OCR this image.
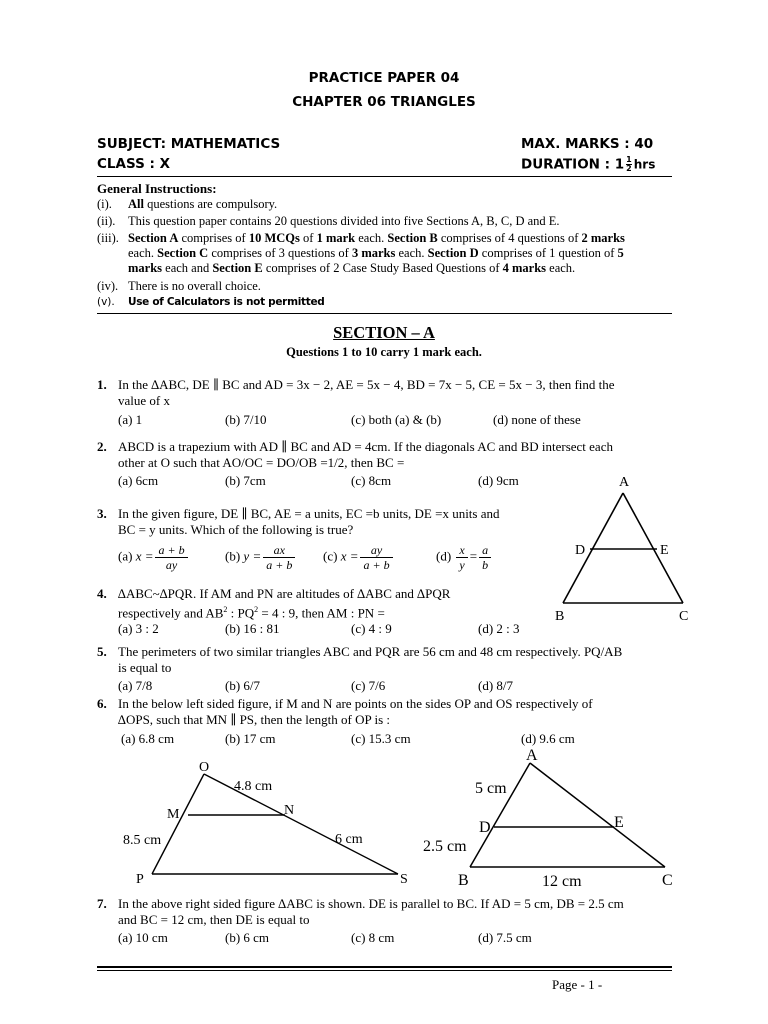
PRACTICE PAPER 04
CHAPTER 06 TRIANGLES
SUBJECT: MATHEMATICS	MAX. MARKS : 40
CLASS : X	DURATION : $1 \frac{1}{2}$ hrs
General Instructions:
(i). All questions are compulsory.
(ii). This question paper contains 20 questions divided into five Sections A, B, C, D and E.
(iii). Section A comprises of 10 MCQs of 1 mark each. Section B comprises of 4 questions of 2 marks
each. Section C comprises of 3 questions of 3 marks each. Section D comprises of 1 question of 5
marks each and Section E comprises of 2 Case Study Based Questions of 4 marks each.
(iv). There is no overall choice.
(v). Use of Calculators is not permitted
SECTION – A
Questions 1 to 10 carry 1 mark each.
1. In the ∆ABC, DE ∥ BC and AD = 3x − 2, AE = 5x − 4, BD = 7x − 5, CE = 5x − 3, then find the
value of x
(a) 1	(b) 7/10	(c) both (a) & (b)	(d) none of these
2. ABCD is a trapezium with AD ∥ BC and AD = 4cm. If the diagonals AC and BD intersect each
other at O such that AO/OC = DO/OB =1/2, then BC =
(a) 6cm	(b) 7cm	(c) 8cm	(d) 9cm
3. In the given figure, DE ∥ BC, AE = a units, EC =b units, DE =x units and
BC = y units. Which of the following is true?
(a) $x = \frac{a + b}{ay}$	(b) $y = \frac{ax}{a + b} (c) x = \frac{ay}{a + b}$	$(d) \frac{x}{y} = \frac{a}{b}$
A
D	E
B	C
4. ∆ABC~∆PQR. If AM and PN are altitudes of ∆ABC and ∆PQR
respectively and $AB^2$ : $PQ^2 = 4$ : 9, then AM : PN =
(a) 3 : 2	(b) 16 : 81	(c) 4 : 9	(d) 2 : 3
5. The perimeters of two similar triangles ABC and PQR are 56 cm and 48 cm respectively. PQ/AB
is equal to
(a) 7/8	(b) 6/7	(c) 7/6	(d) 8/7
6. In the below left sided figure, if M and N are points on the sides OP and OS respectively of
∆OPS, such that MN ∥ PS, then the length of OP is :
(a) 6.8 cm	(b) 17 cm	(c) 15.3 cm	(d) 9.6 cm
O
M	N
P	S
4.8 cm
8.5 cm	6 cm
A
D	E
B	C
5 cm
2.5 cm
12 cm
7. In the above right sided figure ∆ABC is shown. DE is parallel to BC. If AD = 5 cm, DB = 2.5 cm
and BC = 12 cm, then DE is equal to
(a) 10 cm	(b) 6 cm	(c) 8 cm	(d) 7.5 cm
Page - 1 -
